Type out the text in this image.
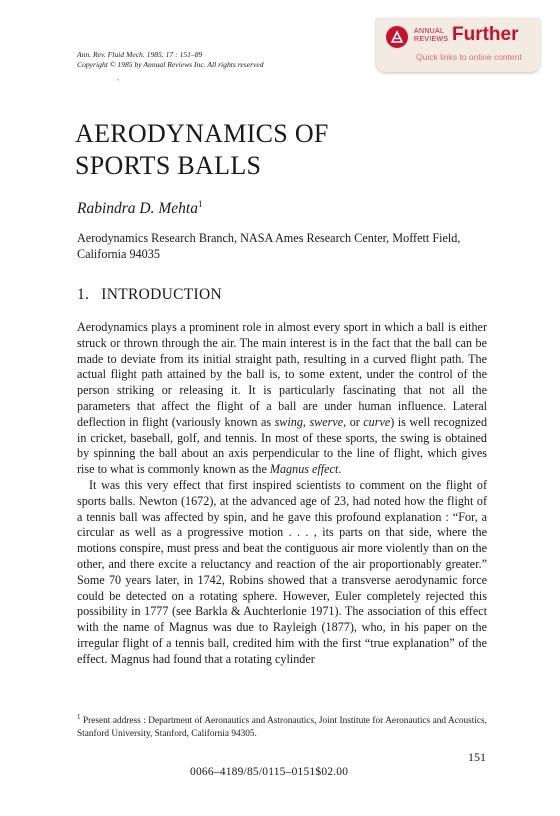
ANNUAL
REVIEWS Further
Quick links to online content
Ann. Rev. Fluid Mech. 1985. 17 : 151–89
Copyright © 1985 by Annual Reviews Inc. All rights reserved
`
AERODYNAMICS OF
SPORTS BALLS
Rabindra D. Mehta$^1$
Aerodynamics Research Branch, NASA Ames Research Center, Moffett Field, California 94035
1. INTRODUCTION

Aerodynamics plays a prominent role in almost every sport in which a ball is either struck or thrown through the air. The main interest is in the fact that the ball can be made to deviate from its initial straight path, resulting in a curved flight path. The actual flight path attained by the ball is, to some extent, under the control of the person striking or releasing it. It is particularly fascinating that not all the parameters that affect the flight of a ball are under human influence. Lateral deflection in flight (variously known as swing, swerve, or curve) is well recognized in cricket, baseball, golf, and tennis. In most of these sports, the swing is obtained by spinning the ball about an axis perpendicular to the line of flight, which gives rise to what is commonly known as the Magnus effect.

It was this very effect that first inspired scientists to comment on the flight of sports balls. Newton (1672), at the advanced age of 23, had noted how the flight of a tennis ball was affected by spin, and he gave this profound explanation : “For, a circular as well as a progressive motion . . . , its parts on that side, where the motions conspire, must press and beat the contiguous air more violently than on the other, and there excite a reluctancy and reaction of the air proportionably greater.” Some 70 years later, in 1742, Robins showed that a transverse aerodynamic force could be detected on a rotating sphere. However, Euler completely rejected this possibility in 1777 (see Barkla & Auchterlonie 1971). The association of this effect with the name of Magnus was due to Rayleigh (1877), who, in his paper on the irregular flight of a tennis ball, credited him with the first “true explanation” of the effect. Magnus had found that a rotating cylinder

$^1$ Present address : Department of Aeronautics and Astronautics, Joint Institute for Aeronautics and Acoustics, Stanford University, Stanford, California 94305.
151
0066–4189/85/0115–0151$02.00
